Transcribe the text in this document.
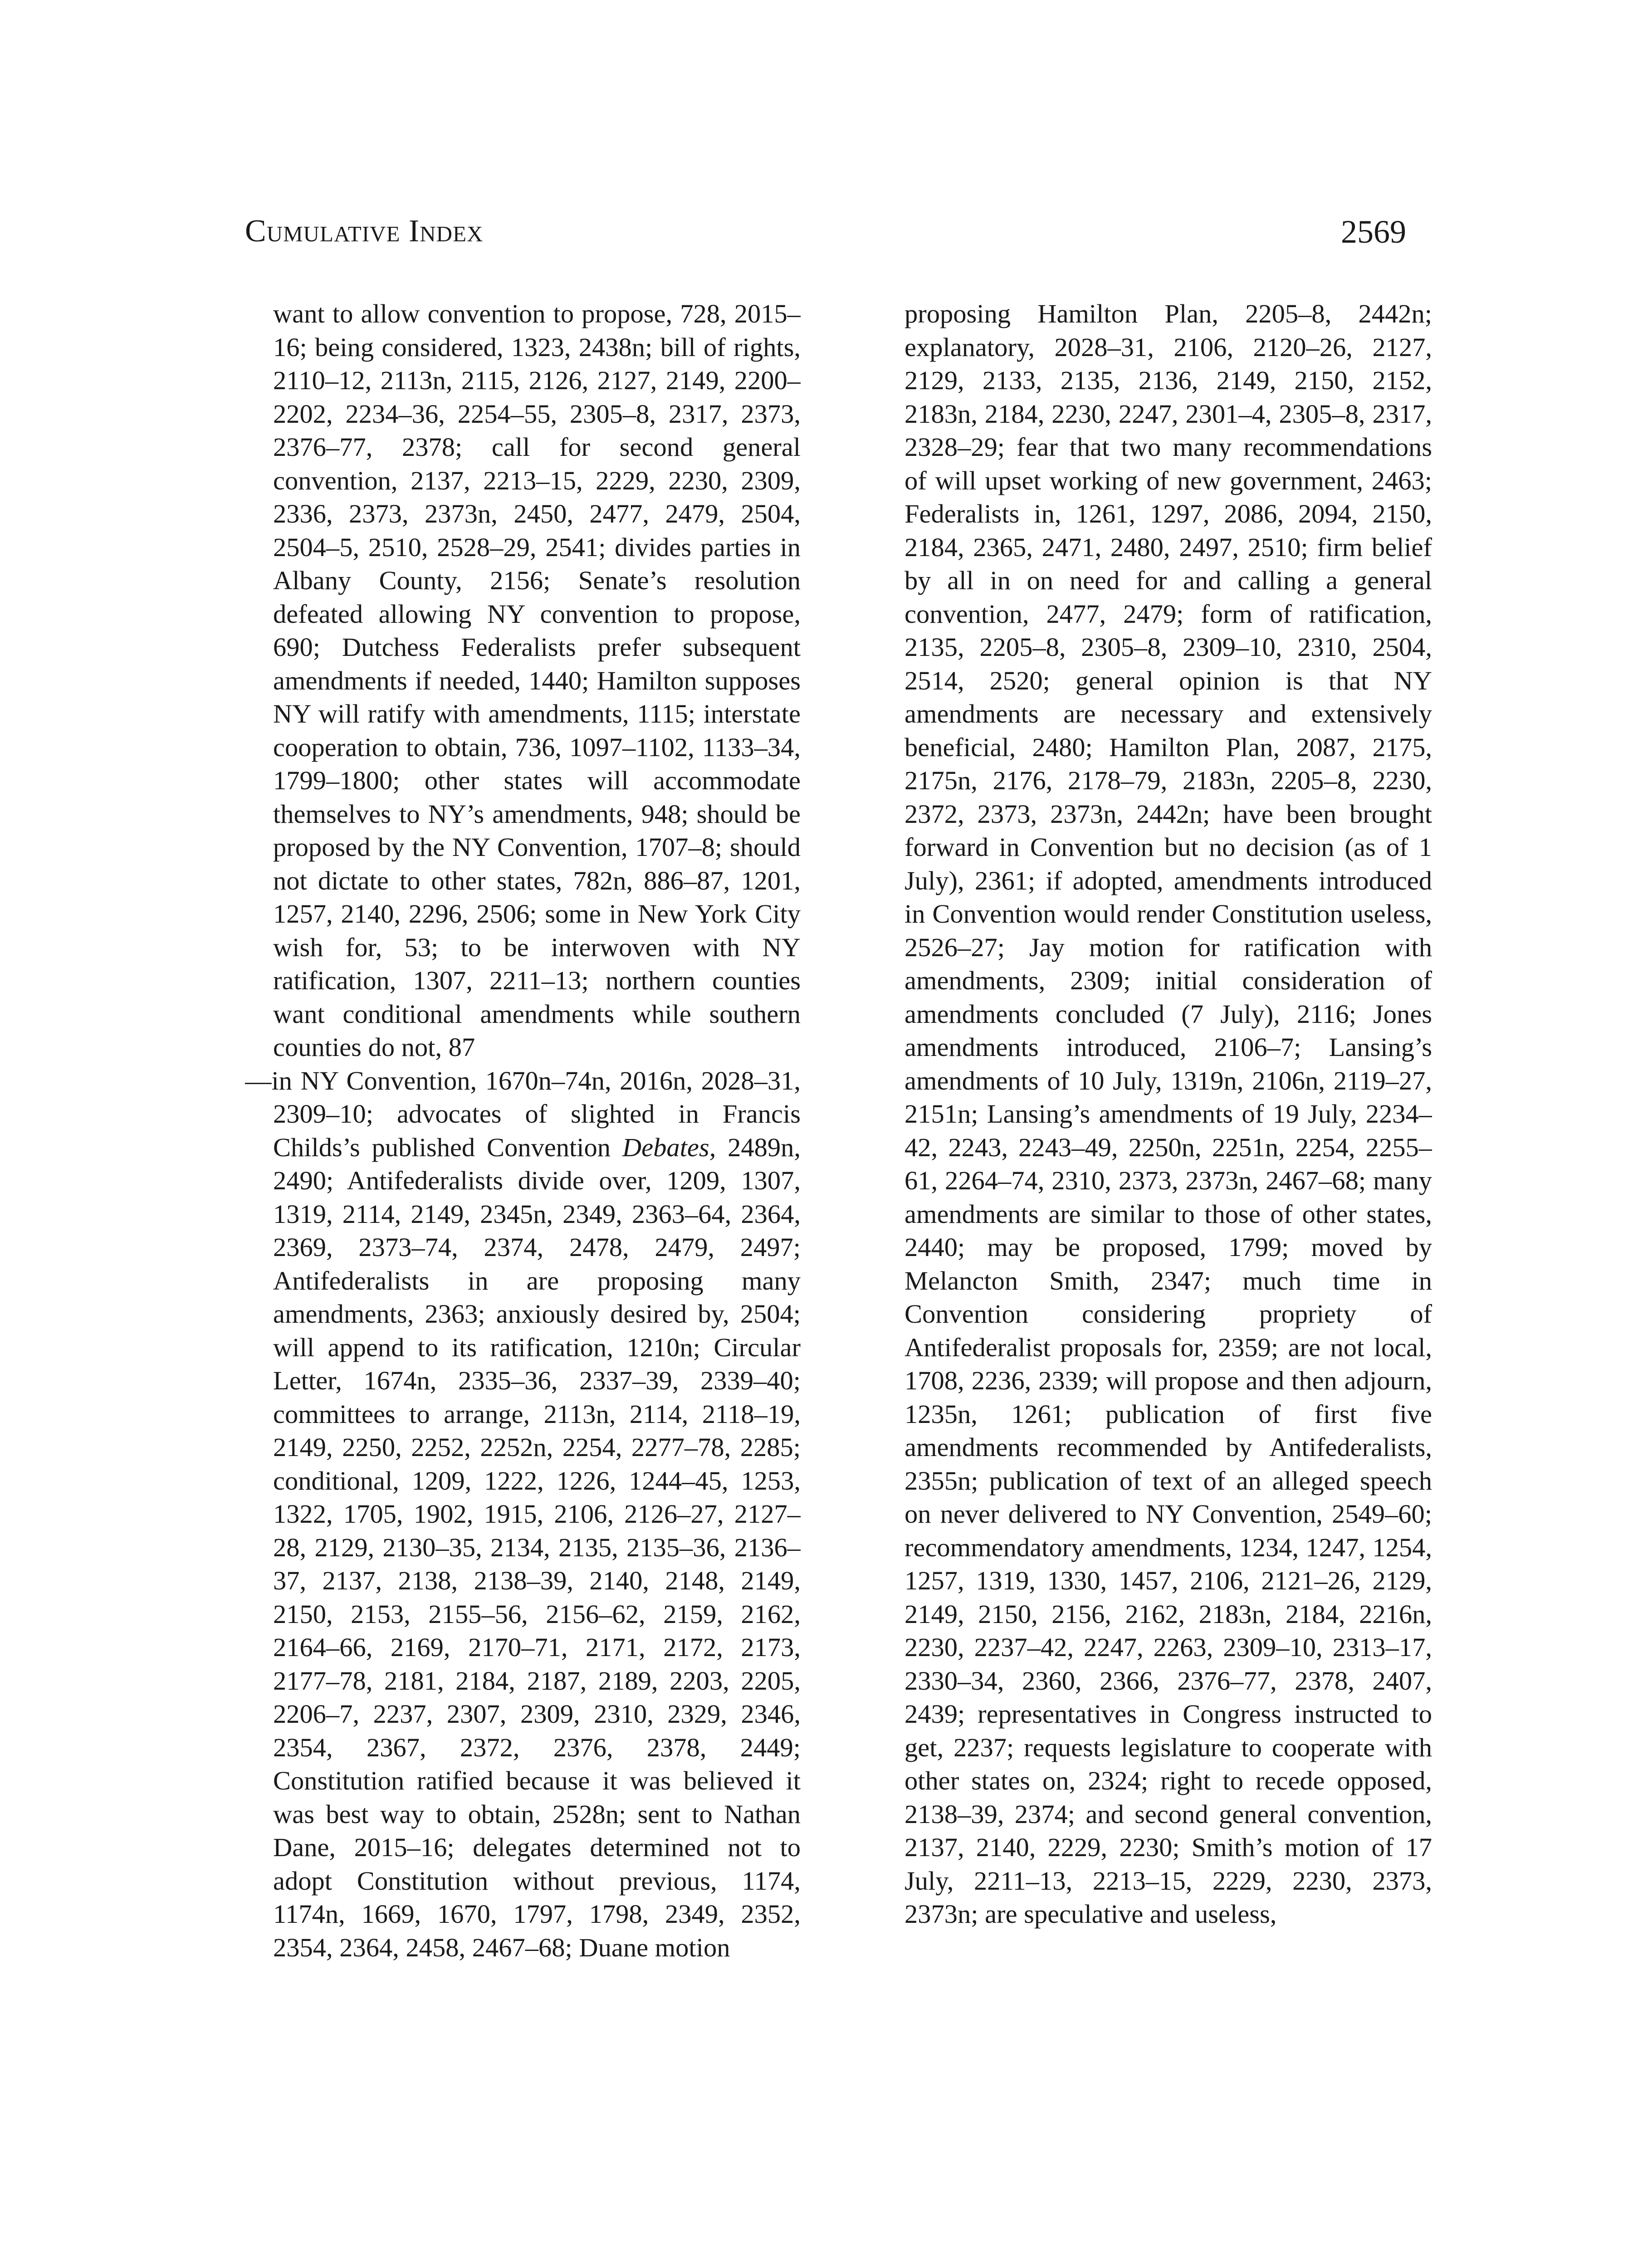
Cumulative Index	2569

want to allow convention to propose, 728, 2015–16; being considered, 1323, 2438n; bill of rights, 2110–12, 2113n, 2115, 2126, 2127, 2149, 2200–2202, 2234–36, 2254–55, 2305–8, 2317, 2373, 2376–77, 2378; call for second general convention, 2137, 2213–15, 2229, 2230, 2309, 2336, 2373, 2373n, 2450, 2477, 2479, 2504, 2504–5, 2510, 2528–29, 2541; divides parties in Albany County, 2156; Senate’s resolution defeated allowing NY convention to propose, 690; Dutchess Federalists prefer subsequent amendments if needed, 1440; Hamilton supposes NY will ratify with amendments, 1115; interstate cooperation to obtain, 736, 1097–1102, 1133–34, 1799–1800; other states will accommodate themselves to NY’s amendments, 948; should be proposed by the NY Convention, 1707–8; should not dictate to other states, 782n, 886–87, 1201, 1257, 2140, 2296, 2506; some in New York City wish for, 53; to be interwoven with NY ratification, 1307, 2211–13; northern counties want conditional amendments while southern counties do not, 87

—in NY Convention, 1670n–74n, 2016n, 2028–31, 2309–10; advocates of slighted in Francis Childs’s published Convention Debates, 2489n, 2490; Antifederalists divide over, 1209, 1307, 1319, 2114, 2149, 2345n, 2349, 2363–64, 2364, 2369, 2373–74, 2374, 2478, 2479, 2497; Antifederalists in are proposing many amendments, 2363; anxiously desired by, 2504; will append to its ratification, 1210n; Circular Letter, 1674n, 2335–36, 2337–39, 2339–40; committees to arrange, 2113n, 2114, 2118–19, 2149, 2250, 2252, 2252n, 2254, 2277–78, 2285; conditional, 1209, 1222, 1226, 1244–45, 1253, 1322, 1705, 1902, 1915, 2106, 2126–27, 2127–28, 2129, 2130–35, 2134, 2135, 2135–36, 2136–37, 2137, 2138, 2138–39, 2140, 2148, 2149, 2150, 2153, 2155–56, 2156–62, 2159, 2162, 2164–66, 2169, 2170–71, 2171, 2172, 2173, 2177–78, 2181, 2184, 2187, 2189, 2203, 2205, 2206–7, 2237, 2307, 2309, 2310, 2329, 2346, 2354, 2367, 2372, 2376, 2378, 2449; Constitution ratified because it was believed it was best way to obtain, 2528n; sent to Nathan Dane, 2015–16; delegates determined not to adopt Constitution without previous, 1174, 1174n, 1669, 1670, 1797, 1798, 2349, 2352, 2354, 2364, 2458, 2467–68; Duane motion

proposing Hamilton Plan, 2205–8, 2442n; explanatory, 2028–31, 2106, 2120–26, 2127, 2129, 2133, 2135, 2136, 2149, 2150, 2152, 2183n, 2184, 2230, 2247, 2301–4, 2305–8, 2317, 2328–29; fear that two many recommendations of will upset working of new government, 2463; Federalists in, 1261, 1297, 2086, 2094, 2150, 2184, 2365, 2471, 2480, 2497, 2510; firm belief by all in on need for and calling a general convention, 2477, 2479; form of ratification, 2135, 2205–8, 2305–8, 2309–10, 2310, 2504, 2514, 2520; general opinion is that NY amendments are necessary and extensively beneficial, 2480; Hamilton Plan, 2087, 2175, 2175n, 2176, 2178–79, 2183n, 2205–8, 2230, 2372, 2373, 2373n, 2442n; have been brought forward in Convention but no decision (as of 1 July), 2361; if adopted, amendments introduced in Convention would render Constitution useless, 2526–27; Jay motion for ratification with amendments, 2309; initial consideration of amendments concluded (7 July), 2116; Jones amendments introduced, 2106–7; Lansing’s amendments of 10 July, 1319n, 2106n, 2119–27, 2151n; Lansing’s amendments of 19 July, 2234–42, 2243, 2243–49, 2250n, 2251n, 2254, 2255–61, 2264–74, 2310, 2373, 2373n, 2467–68; many amendments are similar to those of other states, 2440; may be proposed, 1799; moved by Melancton Smith, 2347; much time in Convention considering propriety of Antifederalist proposals for, 2359; are not local, 1708, 2236, 2339; will propose and then adjourn, 1235n, 1261; publication of first five amendments recommended by Antifederalists, 2355n; publication of text of an alleged speech on never delivered to NY Convention, 2549–60; recommendatory amendments, 1234, 1247, 1254, 1257, 1319, 1330, 1457, 2106, 2121–26, 2129, 2149, 2150, 2156, 2162, 2183n, 2184, 2216n, 2230, 2237–42, 2247, 2263, 2309–10, 2313–17, 2330–34, 2360, 2366, 2376–77, 2378, 2407, 2439; representatives in Congress instructed to get, 2237; requests legislature to cooperate with other states on, 2324; right to recede opposed, 2138–39, 2374; and second general convention, 2137, 2140, 2229, 2230; Smith’s motion of 17 July, 2211–13, 2213–15, 2229, 2230, 2373, 2373n; are speculative and useless,
